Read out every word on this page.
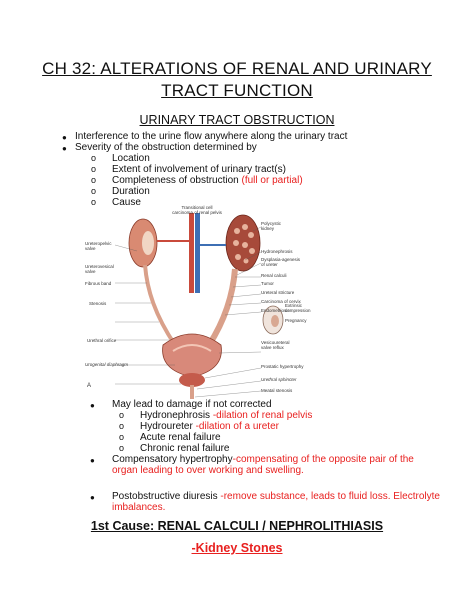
CH 32: ALTERATIONS OF RENAL AND URINARY
TRACT FUNCTION
URINARY TRACT OBSTRUCTION
● Interference to the urine flow anywhere along the urinary tract
● Severity of the obstruction determined by
o Location
o Extent of involvement of urinary tract(s)
o Completeness of obstruction (full or partial)
o Duration
o Cause	Transitional cell
carcinoma of renal pelvis
Ureteropelvic
valve
Ureterovesical
valve
Fibrous band
Stenosis
Urethral orifice
Urogenital diaphragm
Polycystic
kidney
Hydronephrosis
Dysplasia-agenesis
of ureter
Renal calculi
Tumor
Ureteral stricture
Carcinoma of cervix
Endometriosis
Extrinsic
compression
Pregnancy
Vesicoureteral
valve reflux
Prostatic hypertrophy
Urethral sphincter
Meatal stenosis
A
● May lead to damage if not corrected
o Hydronephrosis -dilation of renal pelvis
o Hydroureter -dilation of a ureter
o Acute renal failure
o Chronic renal failure
● Compensatory hypertrophy-compensating of the opposite pair of the
organ leading to over working and swelling.
● Postobstructive diuresis -remove substance, leads to fluid loss. Electrolyte
imbalances.
1st Cause: RENAL CALCULI / NEPHROLITHIASIS
-Kidney Stones
